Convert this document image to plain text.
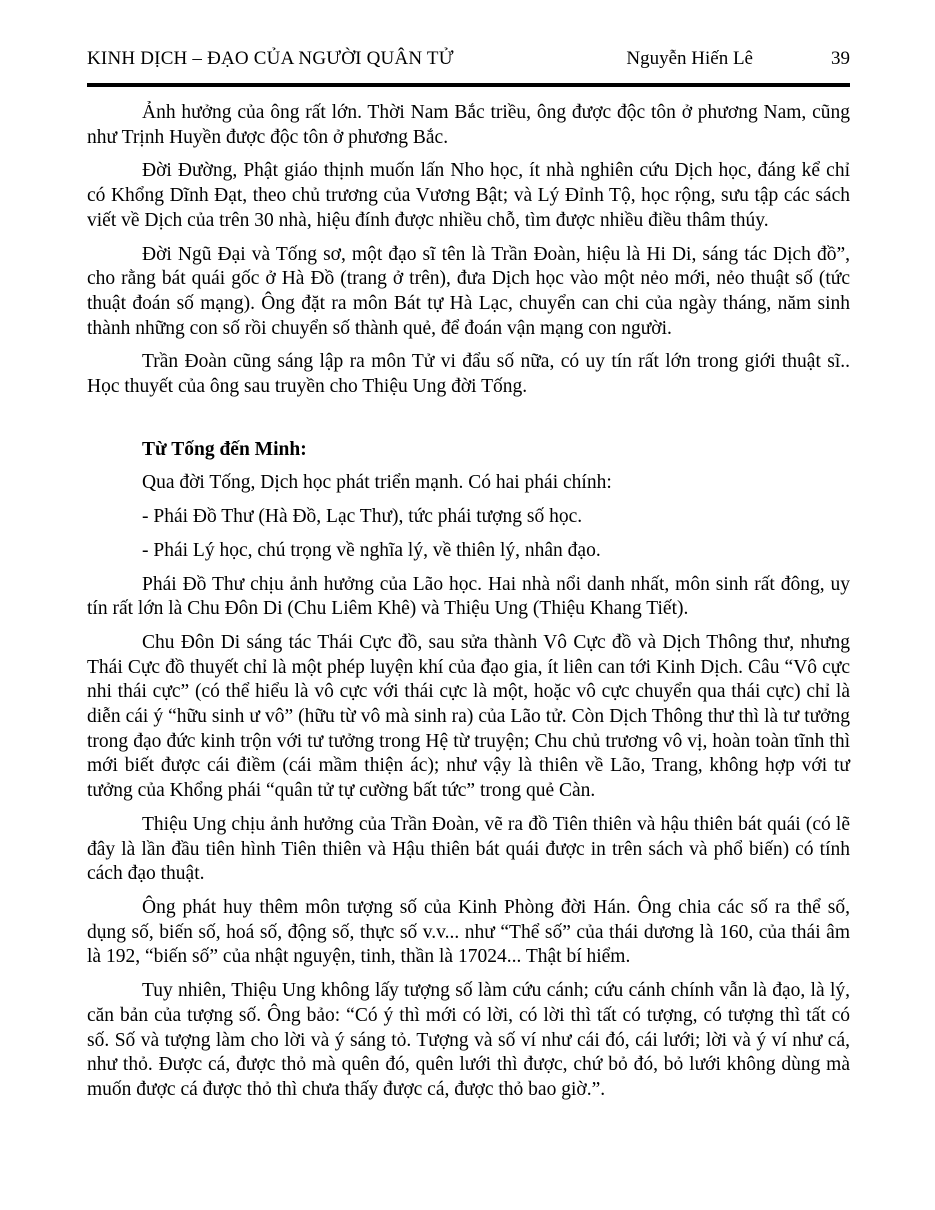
KINH DỊCH – ĐẠO CỦA NGƯỜI QUÂN TỬ	Nguyễn Hiến Lê	39

Ảnh hưởng của ông rất lớn. Thời Nam Bắc triều, ông được độc tôn ở phương Nam, cũng như Trịnh Huyền được độc tôn ở phương Bắc.

Đời Đường, Phật giáo thịnh muốn lấn Nho học, ít nhà nghiên cứu Dịch học, đáng kể chỉ có Khổng Dĩnh Đạt, theo chủ trương của Vương Bật; và Lý Đỉnh Tộ, học rộng, sưu tập các sách viết về Dịch của trên 30 nhà, hiệu đính được nhiều chỗ, tìm được nhiều điều thâm thúy.

Đời Ngũ Đại và Tống sơ, một đạo sĩ tên là Trần Đoàn, hiệu là Hi Di, sáng tác Dịch đồ”, cho rằng bát quái gốc ở Hà Đồ (trang ở trên), đưa Dịch học vào một nẻo mới, nẻo thuật số (tức thuật đoán số mạng). Ông đặt ra môn Bát tự Hà Lạc, chuyển can chi của ngày tháng, năm sinh thành những con số rồi chuyển số thành quẻ, để đoán vận mạng con người.

Trần Đoàn cũng sáng lập ra môn Tử vi đẩu số nữa, có uy tín rất lớn trong giới thuật sĩ.. Học thuyết của ông sau truyền cho Thiệu Ung đời Tống.

Từ Tống đến Minh:

Qua đời Tống, Dịch học phát triển mạnh. Có hai phái chính:

- Phái Đồ Thư (Hà Đồ, Lạc Thư), tức phái tượng số học.

- Phái Lý học, chú trọng về nghĩa lý, về thiên lý, nhân đạo.

Phái Đồ Thư chịu ảnh hưởng của Lão học. Hai nhà nổi danh nhất, môn sinh rất đông, uy tín rất lớn là Chu Đôn Di (Chu Liêm Khê) và Thiệu Ung (Thiệu Khang Tiết).

Chu Đôn Di sáng tác Thái Cực đồ, sau sửa thành Vô Cực đồ và Dịch Thông thư, nhưng Thái Cực đồ thuyết chỉ là một phép luyện khí của đạo gia, ít liên can tới Kinh Dịch. Câu “Vô cực nhi thái cực” (có thể hiểu là vô cực với thái cực là một, hoặc vô cực chuyển qua thái cực) chỉ là diễn cái ý “hữu sinh ư vô” (hữu từ vô mà sinh ra) của Lão tử. Còn Dịch Thông thư thì là tư tưởng trong đạo đức kinh trộn với tư tưởng trong Hệ từ truyện; Chu chủ trương vô vị, hoàn toàn tĩnh thì mới biết được cái điềm (cái mầm thiện ác); như vậy là thiên về Lão, Trang, không hợp với tư tưởng của Khổng phái “quân tử tự cường bất tức” trong quẻ Càn.

Thiệu Ung chịu ảnh hưởng của Trần Đoàn, vẽ ra đồ Tiên thiên và hậu thiên bát quái (có lẽ đây là lần đầu tiên hình Tiên thiên và Hậu thiên bát quái được in trên sách và phổ biến) có tính cách đạo thuật.

Ông phát huy thêm môn tượng số của Kinh Phòng đời Hán. Ông chia các số ra thể số, dụng số, biến số, hoá số, động số, thực số v.v... như “Thể số” của thái dương là 160, của thái âm là 192, “biến số” của nhật nguyện, tinh, thần là 17024... Thật bí hiểm.

Tuy nhiên, Thiệu Ung không lấy tượng số làm cứu cánh; cứu cánh chính vẫn là đạo, là lý, căn bản của tượng số. Ông bảo: “Có ý thì mới có lời, có lời thì tất có tượng, có tượng thì tất có số. Số và tượng làm cho lời và ý sáng tỏ. Tượng và số ví như cái đó, cái lưới; lời và ý ví như cá, như thỏ. Được cá, được thỏ mà quên đó, quên lưới thì được, chứ bỏ đó, bỏ lưới không dùng mà muốn được cá được thỏ thì chưa thấy được cá, được thỏ bao giờ.”.
